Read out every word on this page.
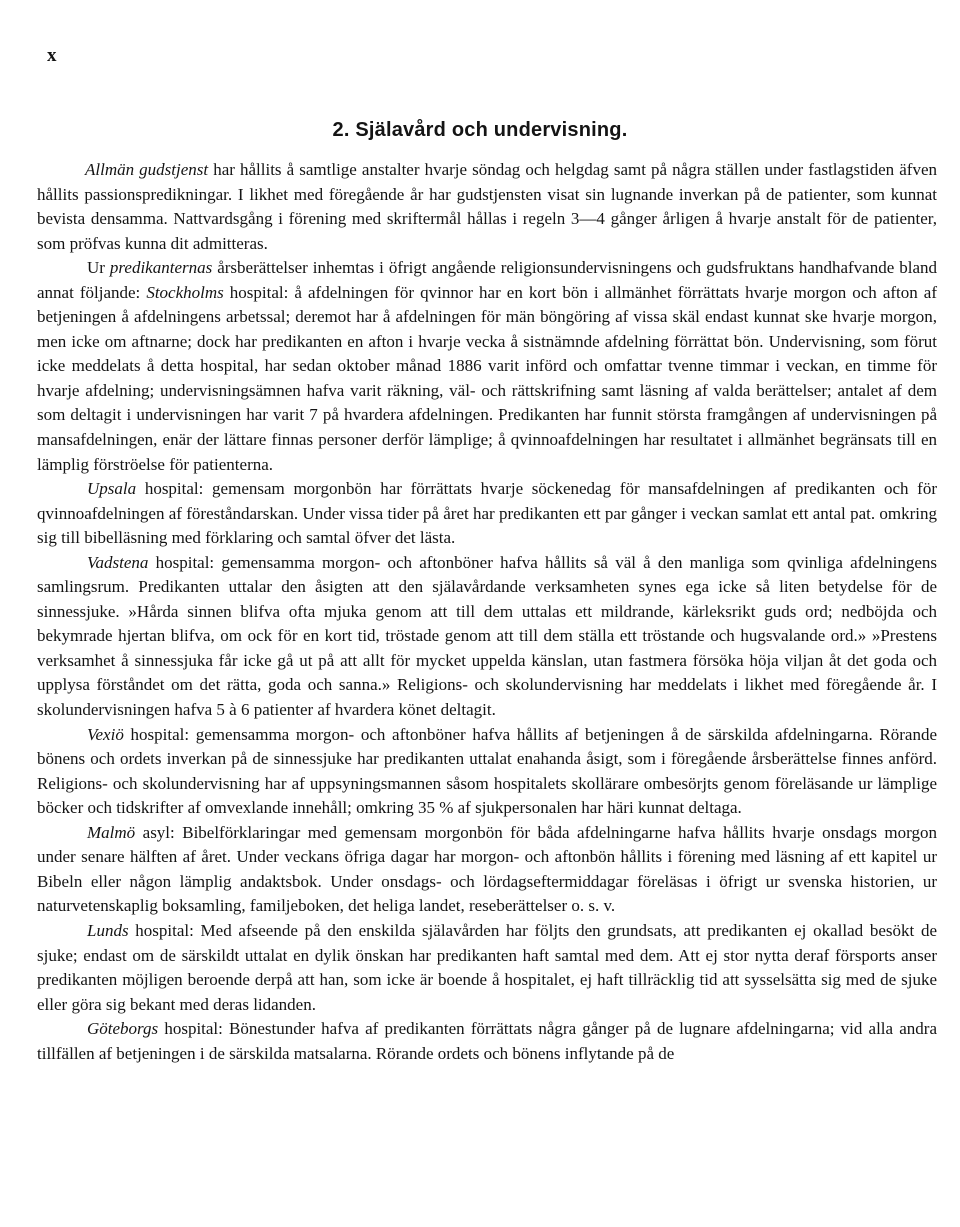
x
2. Själavård och undervisning.

Allmän gudstjenst har hållits å samtlige anstalter hvarje söndag och helgdag samt på några ställen under fastlagstiden äfven hållits passionspredikningar. I likhet med föregående år har gudstjensten visat sin lugnande inverkan på de patienter, som kunnat bevista densamma. Nattvardsgång i förening med skriftermål hållas i regeln 3—4 gånger årligen å hvarje anstalt för de patienter, som pröfvas kunna dit admitteras.

Ur predikanternas årsberättelser inhemtas i öfrigt angående religionsundervisningens och gudsfruktans handhafvande bland annat följande: Stockholms hospital: å afdelningen för qvinnor har en kort bön i allmänhet förrättats hvarje morgon och afton af betjeningen å afdelningens arbetssal; deremot har å afdelningen för män böngöring af vissa skäl endast kunnat ske hvarje morgon, men icke om aftnarne; dock har predikanten en afton i hvarje vecka å sistnämnde afdelning förrättat bön. Undervisning, som förut icke meddelats å detta hospital, har sedan oktober månad 1886 varit införd och omfattar tvenne timmar i veckan, en timme för hvarje afdelning; undervisningsämnen hafva varit räkning, väl- och rättskrifning samt läsning af valda berättelser; antalet af dem som deltagit i undervisningen har varit 7 på hvardera afdelningen. Predikanten har funnit största framgången af undervisningen på mansafdelningen, enär der lättare finnas personer derför lämplige; å qvinnoafdelningen har resultatet i allmänhet begränsats till en lämplig förströelse för patienterna.

Upsala hospital: gemensam morgonbön har förrättats hvarje söckenedag för mansafdelningen af predikanten och för qvinnoafdelningen af föreståndarskan. Under vissa tider på året har predikanten ett par gånger i veckan samlat ett antal pat. omkring sig till bibelläsning med förklaring och samtal öfver det lästa.

Vadstena hospital: gemensamma morgon- och aftonböner hafva hållits så väl å den manliga som qvinliga afdelningens samlingsrum. Predikanten uttalar den åsigten att den själavårdande verksamheten synes ega icke så liten betydelse för de sinnessjuke. »Hårda sinnen blifva ofta mjuka genom att till dem uttalas ett mildrande, kärleksrikt guds ord; nedböjda och bekymrade hjertan blifva, om ock för en kort tid, tröstade genom att till dem ställa ett tröstande och hugsvalande ord.» »Prestens verksamhet å sinnessjuka får icke gå ut på att allt för mycket uppelda känslan, utan fastmera försöka höja viljan åt det goda och upplysa förståndet om det rätta, goda och sanna.» Religions- och skolundervisning har meddelats i likhet med föregående år. I skolundervisningen hafva 5 à 6 patienter af hvardera könet deltagit.

Vexiö hospital: gemensamma morgon- och aftonböner hafva hållits af betjeningen å de särskilda afdelningarna. Rörande bönens och ordets inverkan på de sinnessjuke har predikanten uttalat enahanda åsigt, som i föregående årsberättelse finnes anförd. Religions- och skolundervisning har af uppsyningsmannen såsom hospitalets skollärare ombesörjts genom föreläsande ur lämplige böcker och tidskrifter af omvexlande innehåll; omkring 35 % af sjukpersonalen har häri kunnat deltaga.

Malmö asyl: Bibelförklaringar med gemensam morgonbön för båda afdelningarne hafva hållits hvarje onsdags morgon under senare hälften af året. Under veckans öfriga dagar har morgon- och aftonbön hållits i förening med läsning af ett kapitel ur Bibeln eller någon lämplig andaktsbok. Under onsdags- och lördagseftermiddagar föreläsas i öfrigt ur svenska historien, ur naturvetenskaplig boksamling, familjeboken, det heliga landet, reseberättelser o. s. v.

Lunds hospital: Med afseende på den enskilda själavården har följts den grundsats, att predikanten ej okallad besökt de sjuke; endast om de särskildt uttalat en dylik önskan har predikanten haft samtal med dem. Att ej stor nytta deraf försports anser predikanten möjligen beroende derpå att han, som icke är boende å hospitalet, ej haft tillräcklig tid att sysselsätta sig med de sjuke eller göra sig bekant med deras lidanden.

Göteborgs hospital: Bönestunder hafva af predikanten förrättats några gånger på de lugnare afdelningarna; vid alla andra tillfällen af betjeningen i de särskilda matsalarna. Rörande ordets och bönens inflytande på de
